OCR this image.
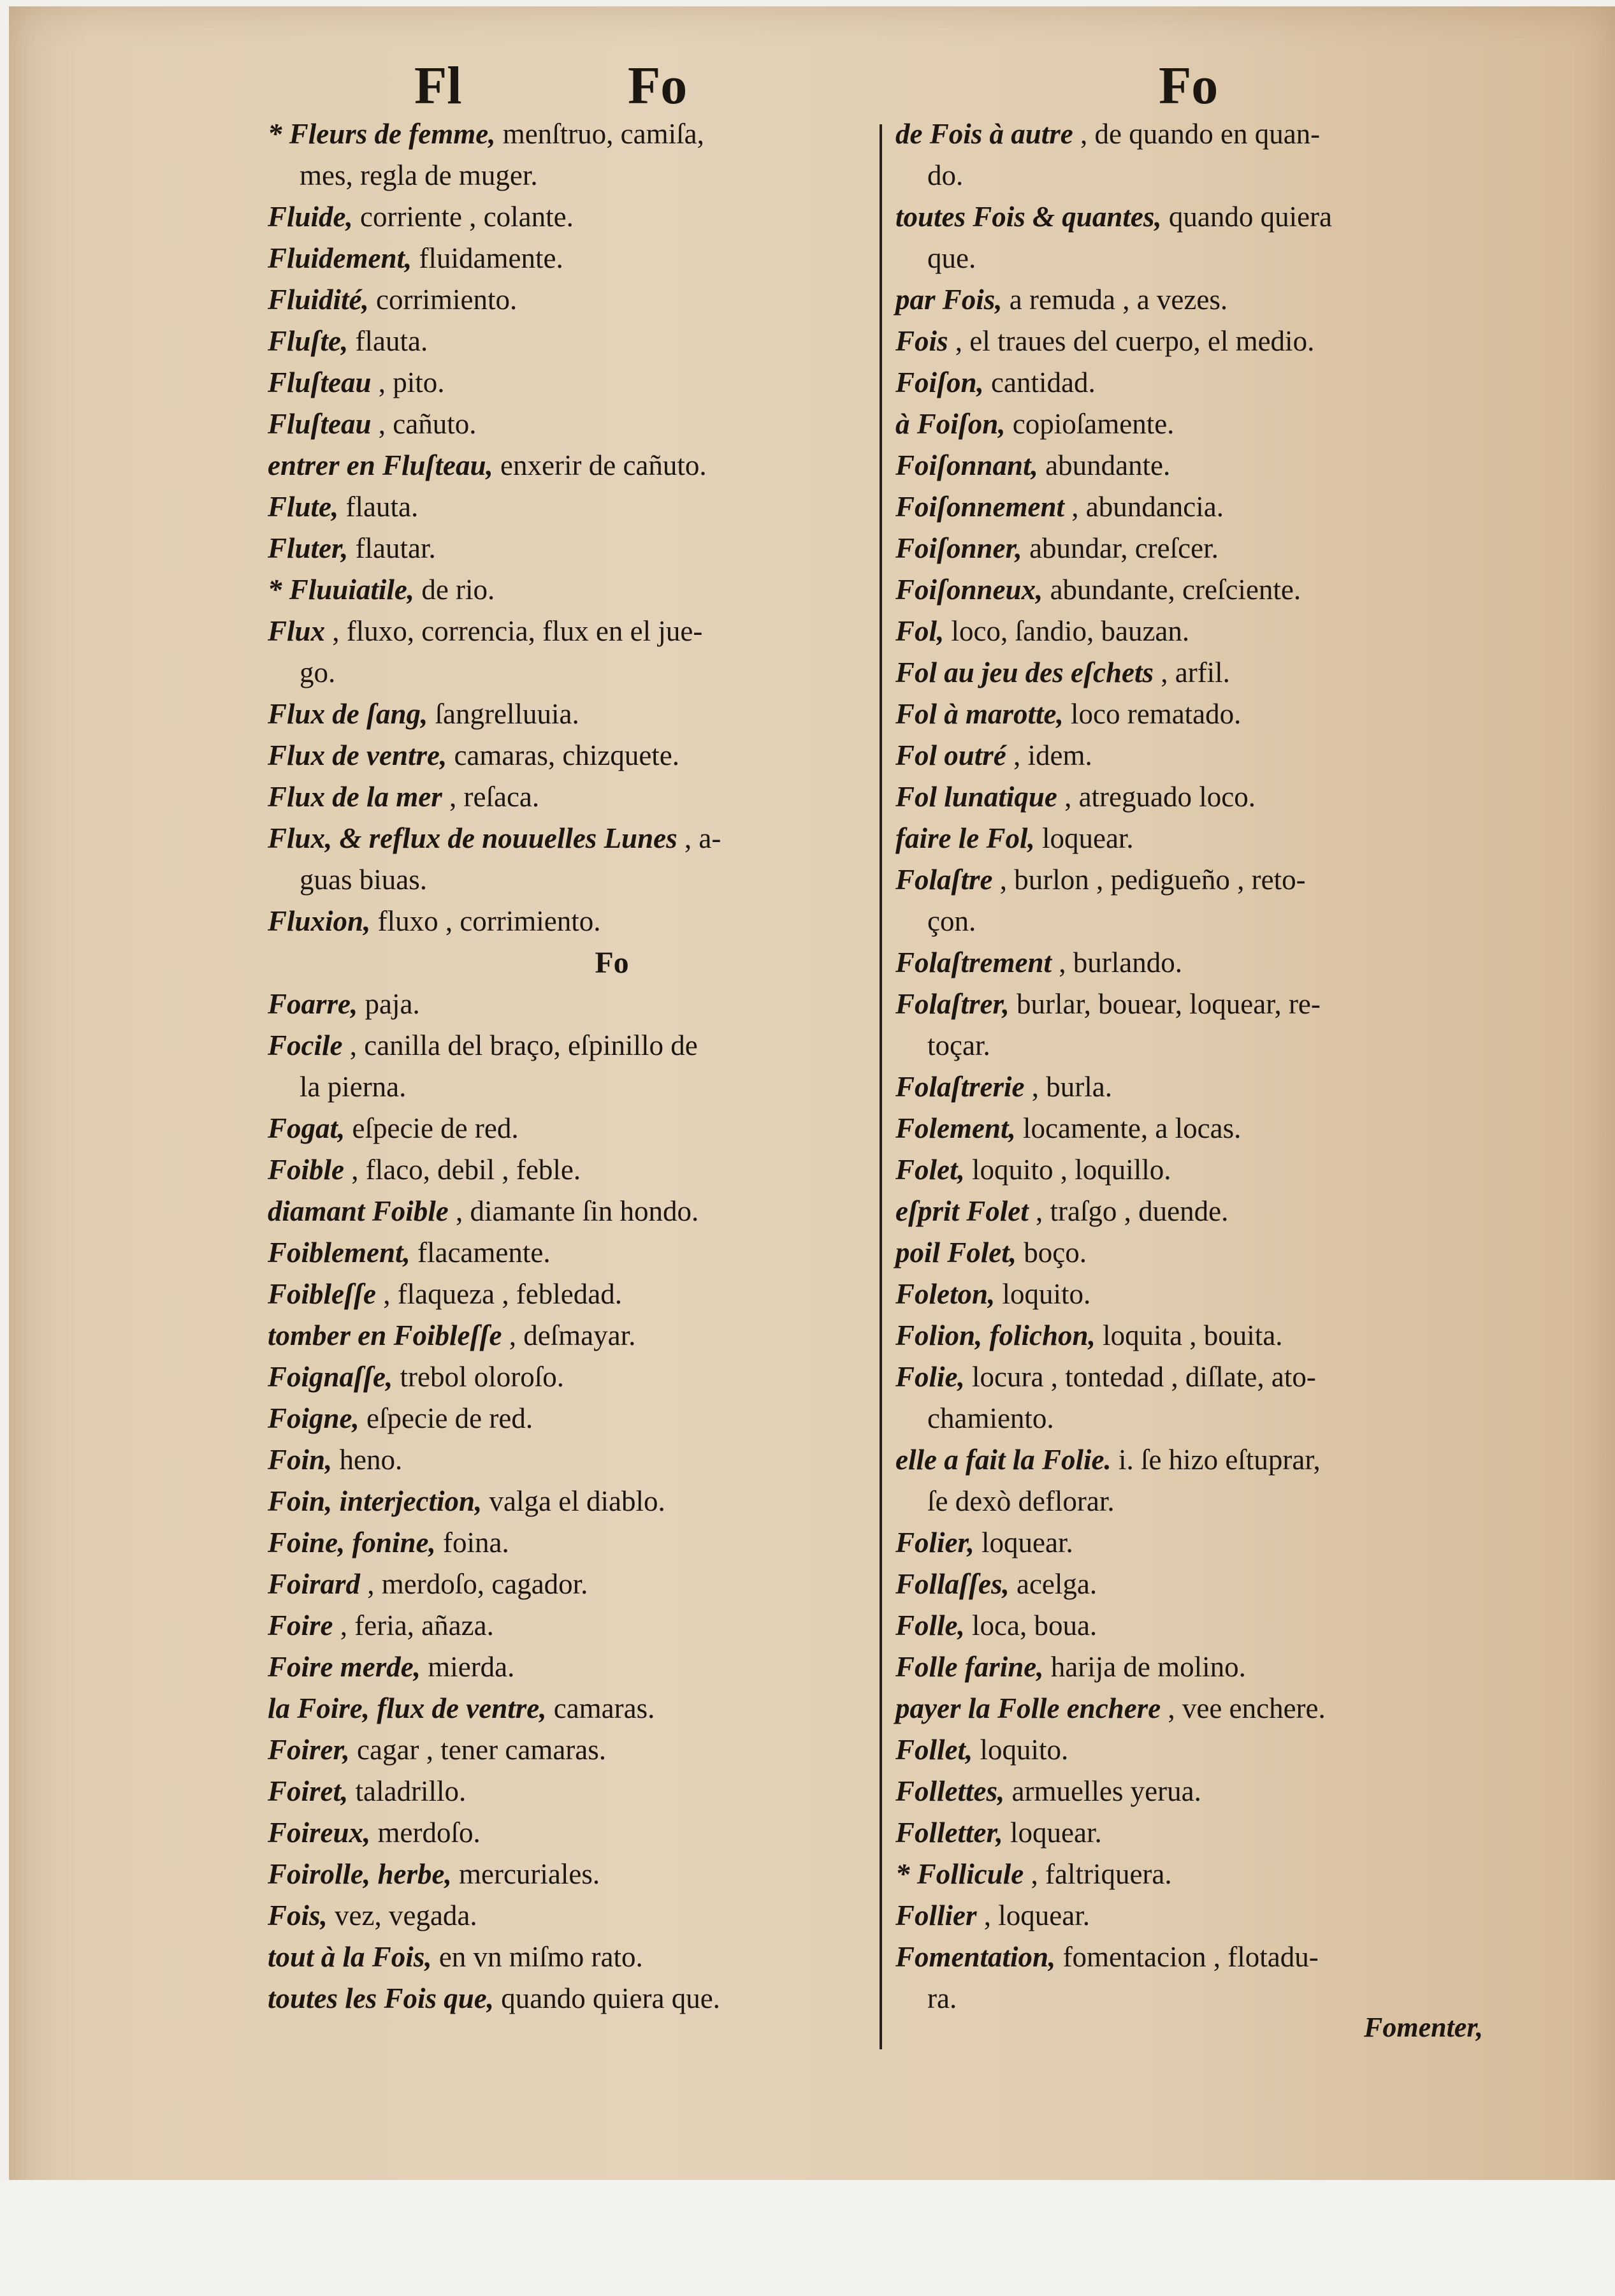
Fl	Fo	Fo
* Fleurs de femme, menſtruo, camiſa,
mes, regla de muger.
Fluide, corriente , colante.
Fluidement, fluidamente.
Fluidité, corrimiento.
Fluſte, flauta.
Fluſteau , pito.
Fluſteau , cañuto.
entrer en Fluſteau, enxerir de cañuto.
Flute, flauta.
Fluter, flautar.
* Fluuiatile, de rio.
Flux , fluxo, correncia, flux en el jue-
go.
Flux de ſang, ſangrelluuia.
Flux de ventre, camaras, chizquete.
Flux de la mer , reſaca.
Flux, & reflux de nouuelles Lunes , a-
guas biuas.
Fluxion, fluxo , corrimiento.
Fo
Foarre, paja.
Focile , canilla del braço, eſpinillo de
la pierna.
Fogat, eſpecie de red.
Foible , flaco, debil , feble.
diamant Foible , diamante ſin hondo.
Foiblement, flacamente.
Foibleſſe , flaqueza , febledad.
tomber en Foibleſſe , deſmayar.
Foignaſſe, trebol oloroſo.
Foigne, eſpecie de red.
Foin, heno.
Foin, interjection, valga el diablo.
Foine, fonine, foina.
Foirard , merdoſo, cagador.
Foire , feria, añaza.
Foire merde, mierda.
la Foire, flux de ventre, camaras.
Foirer, cagar , tener camaras.
Foiret, taladrillo.
Foireux, merdoſo.
Foirolle, herbe, mercuriales.
Fois, vez, vegada.
tout à la Fois, en vn miſmo rato.
toutes les Fois que, quando quiera que.
de Fois à autre , de quando en quan-
do.
toutes Fois & quantes, quando quiera
que.
par Fois, a remuda , a vezes.
Fois , el traues del cuerpo, el medio.
Foiſon, cantidad.
à Foiſon, copioſamente.
Foiſonnant, abundante.
Foiſonnement , abundancia.
Foiſonner, abundar, creſcer.
Foiſonneux, abundante, creſciente.
Fol, loco, ſandio, bauzan.
Fol au jeu des eſchets , arfil.
Fol à marotte, loco rematado.
Fol outré , idem.
Fol lunatique , atreguado loco.
faire le Fol, loquear.
Folaſtre , burlon , pedigueño , reto-
çon.
Folaſtrement , burlando.
Folaſtrer, burlar, bouear, loquear, re-
toçar.
Folaſtrerie , burla.
Folement, locamente, a locas.
Folet, loquito , loquillo.
eſprit Folet , traſgo , duende.
poil Folet, boço.
Foleton, loquito.
Folion, folichon, loquita , bouita.
Folie, locura , tontedad , diſlate, ato-
chamiento.
elle a fait la Folie. i. ſe hizo eſtuprar,
ſe dexò deflorar.
Folier, loquear.
Follaſſes, acelga.
Folle, loca, boua.
Folle farine, harija de molino.
payer la Folle enchere , vee enchere.
Follet, loquito.
Follettes, armuelles yerua.
Folletter, loquear.
* Follicule , faltriquera.
Follier , loquear.
Fomentation, fomentacion , flotadu-
ra.
Fomenter,
